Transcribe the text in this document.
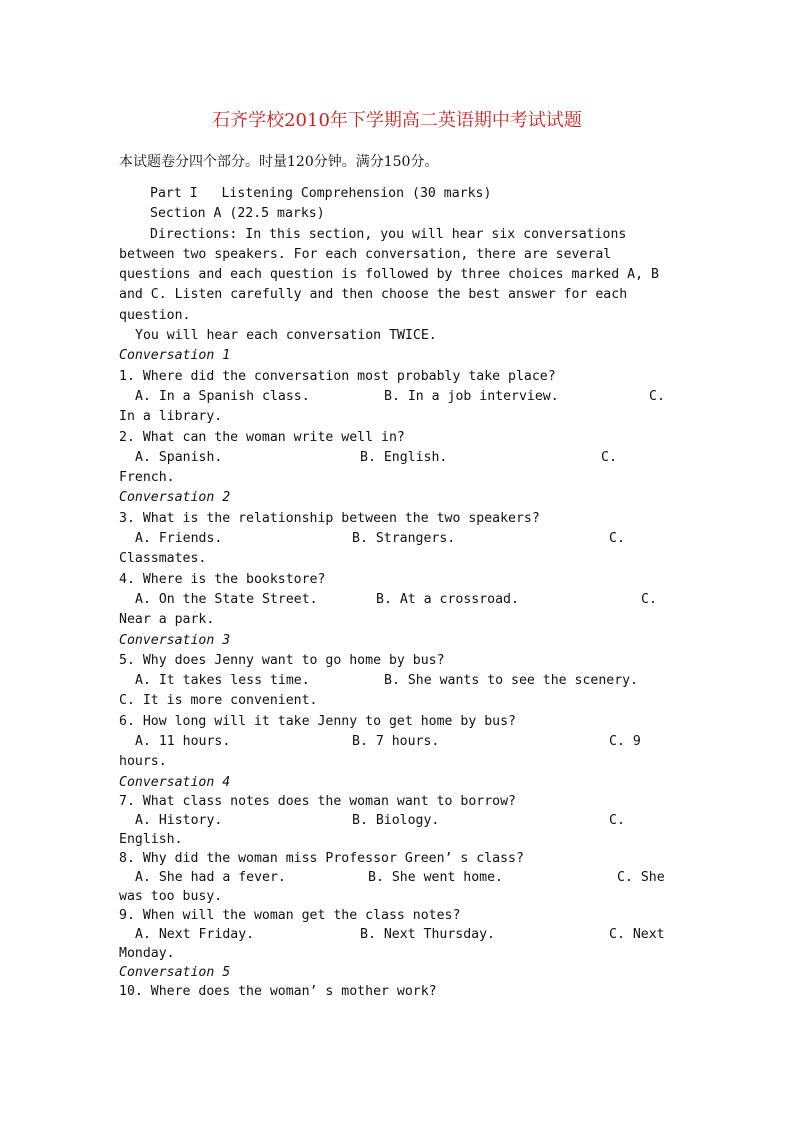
石齐学校2010年下学期高二英语期中考试试题
本试题卷分四个部分。时量120分钟。满分150分。
Part I   Listening Comprehension (30 marks)
Section A (22.5 marks)
Directions: In this section, you will hear six conversations
between two speakers. For each conversation, there are several
questions and each question is followed by three choices marked A, B
and C. Listen carefully and then choose the best answer for each
question.
You will hear each conversation TWICE.
Conversation 1
1. Where did the conversation most probably take place?
A. In a Spanish class.	B. In a job interview.	C.
In a library.
2. What can the woman write well in?
A. Spanish.	B. English.	C.
French.
Conversation 2
3. What is the relationship between the two speakers?
A. Friends.	B. Strangers.	C.
Classmates.
4. Where is the bookstore?
A. On the State Street.	B. At a crossroad.	C.
Near a park.
Conversation 3
5. Why does Jenny want to go home by bus?
A. It takes less time.	B. She wants to see the scenery.
C. It is more convenient.
6. How long will it take Jenny to get home by bus?
A. 11 hours.	B. 7 hours.	C. 9
hours.
Conversation 4
7. What class notes does the woman want to borrow?
A. History.	B. Biology.	C.
English.
8. Why did the woman miss Professor Green’ s class?
A. She had a fever.	B. She went home.	C. She
was too busy.
9. When will the woman get the class notes?
A. Next Friday.	B. Next Thursday.	C. Next
Monday.
Conversation 5
10. Where does the woman’ s mother work?
